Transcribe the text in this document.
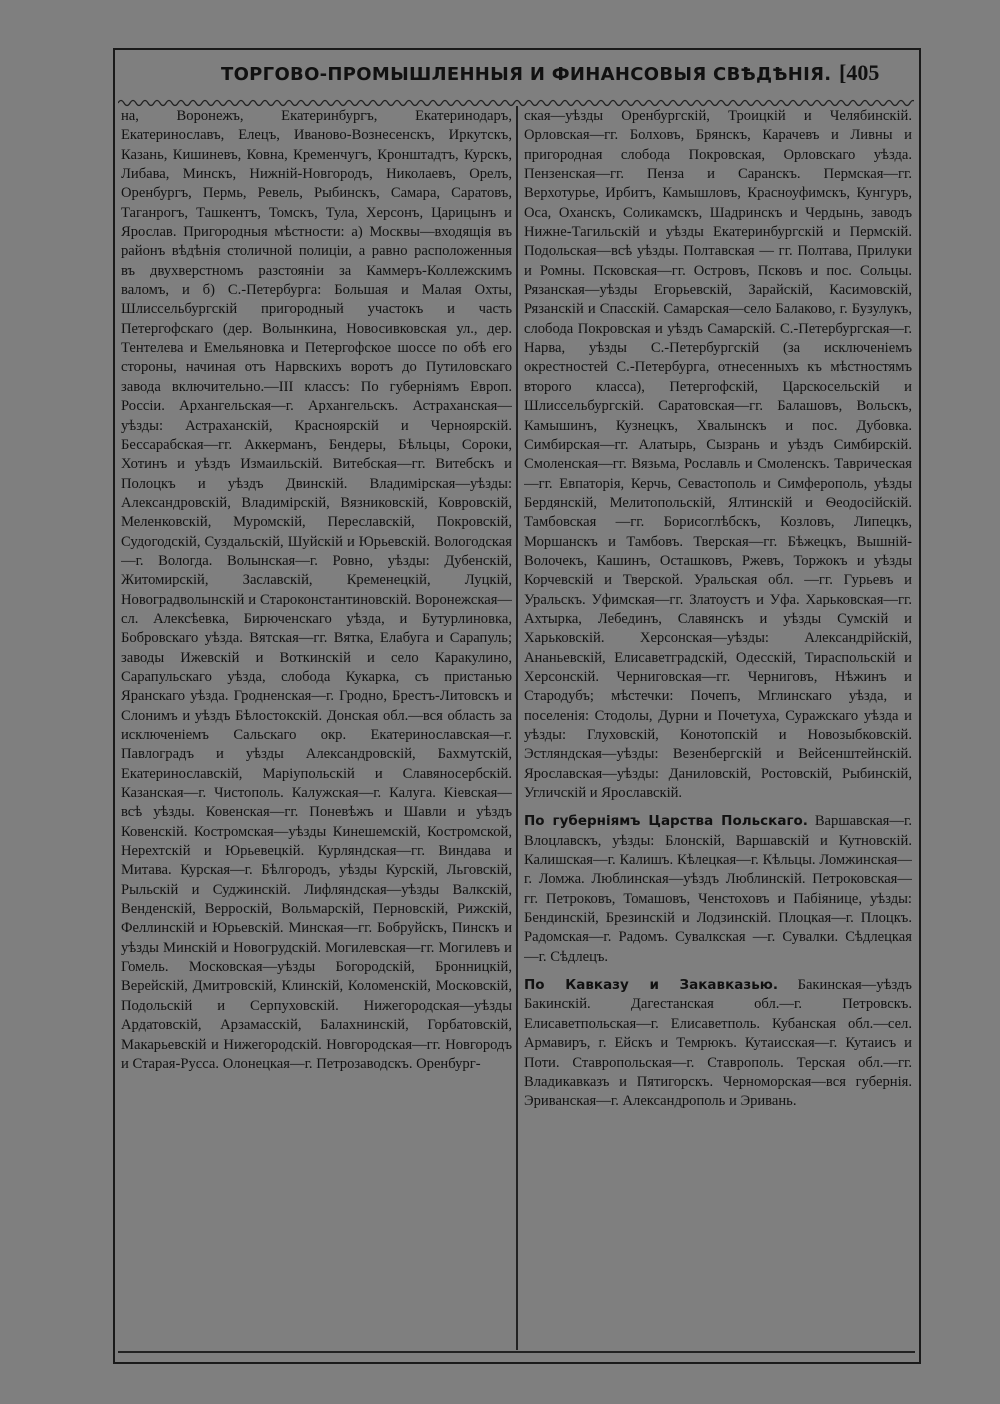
ТОРГОВО-ПРОМЫШЛЕННЫЯ И ФИНАНСОВЫЯ СВѢДѢНІЯ. [405

на, Воронежъ, Екатеринбургъ, Екатеринодаръ, Екатеринославъ, Елецъ, Иваново-Вознесенскъ, Иркутскъ, Казань, Кишиневъ, Ковна, Кременчугъ, Кронштадтъ, Курскъ, Либава, Минскъ, Нижній-Новгородъ, Николаевъ, Орелъ, Оренбургъ, Пермь, Ревель, Рыбинскъ, Самара, Саратовъ, Таганрогъ, Ташкентъ, Томскъ, Тула, Херсонъ, Царицынъ и Ярослав. Пригородныя мѣстности: а) Москвы—входящія въ районъ вѣдѣнія столичной полиціи, а равно расположенныя въ двухверстномъ разстояніи за Каммеръ-Коллежскимъ валомъ, и б) С.-Петербурга: Большая и Малая Охты, Шлиссельбургскій пригородный участокъ и часть Петергофскаго (дер. Волынкина, Новосивковская ул., дер. Тентелева и Емельяновка и Петергофское шоссе по обѣ его стороны, начиная отъ Нарвскихъ воротъ до Путиловскаго завода включительно.—III классъ: По губерніямъ Европ. Россіи. Архангельская—г. Архангельскъ. Астраханская—уѣзды: Астраханскій, Красноярскій и Черноярскій. Бессарабская—гг. Аккерманъ, Бендеры, Бѣльцы, Сороки, Хотинъ и уѣздъ Измаильскій. Витебская—гг. Витебскъ и Полоцкъ и уѣздъ Двинскій. Владимірская—уѣзды: Александровскій, Владимірскій, Вязниковскій, Ковровскій, Меленковскій, Муромскій, Переславскій, Покровскій, Судогодскій, Суздальскій, Шуйскій и Юрьевскій. Вологодская—г. Вологда. Волынская—г. Ровно, уѣзды: Дубенскій, Житомирскій, Заславскій, Кременецкій, Луцкій, Новоградволынскій и Староконстантиновскій. Воронежская—сл. Алексѣевка, Бирюченскаго уѣзда, и Бутурлиновка, Бобровскаго уѣзда. Вятская—гг. Вятка, Елабуга и Сарапуль; заводы Ижевскій и Воткинскій и село Каракулино, Сарапульскаго уѣзда, слобода Кукарка, съ пристанью Яранскаго уѣзда. Гродненская—г. Гродно, Брестъ-Литовскъ и Слонимъ и уѣздъ Бѣлостокскій. Донская обл.—вся область за исключеніемъ Сальскаго окр. Екатеринославская—г. Павлоградъ и уѣзды Александровскій, Бахмутскій, Екатеринославскій, Маріупольскій и Славяносербскій. Казанская—г. Чистополь. Калужская—г. Калуга. Кіевская—всѣ уѣзды. Ковенская—гг. Поневѣжъ и Шавли и уѣздъ Ковенскій. Костромская—уѣзды Кинешемскій, Костромской, Нерехтскій и Юрьевецкій. Курляндская—гг. Виндава и Митава. Курская—г. Бѣлгородъ, уѣзды Курскій, Льговскій, Рыльскій и Суджинскій. Лифляндская—уѣзды Валкскій, Венденскій, Верроскій, Вольмарскій, Перновскій, Рижскій, Феллинскій и Юрьевскій. Минская—гг. Бобруйскъ, Пинскъ и уѣзды Минскій и Новогрудскій. Могилевская—гг. Могилевъ и Гомель. Московская—уѣзды Богородскій, Бронницкій, Верейскій, Дмитровскій, Клинскій, Коломенскій, Московскій, Подольскій и Серпуховскій. Нижегородская—уѣзды Ардатовскій, Арзамасскій, Балахнинскій, Горбатовскій, Макарьевскій и Нижегородскій. Новгородская—гг. Новгородъ и Старая-Русса. Олонецкая—г. Петрозаводскъ. Оренбург-

ская—уѣзды Оренбургскій, Троицкій и Челябинскій. Орловская—гг. Болховъ, Брянскъ, Карачевъ и Ливны и пригородная слобода Покровская, Орловскаго уѣзда. Пензенская—гг. Пенза и Саранскъ. Пермская—гг. Верхотурье, Ирбитъ, Камышловъ, Красноуфимскъ, Кунгуръ, Оса, Оханскъ, Соликамскъ, Шадринскъ и Чердынь, заводъ Нижне-Тагильскій и уѣзды Екатеринбургскій и Пермскій. Подольская—всѣ уѣзды. Полтавская — гг. Полтава, Прилуки и Ромны. Псковская—гг. Островъ, Псковъ и пос. Сольцы. Рязанская—уѣзды Егорьевскій, Зарайскій, Касимовскій, Рязанскій и Спасскій. Самарская—село Балаково, г. Бузулукъ, слобода Покровская и уѣздъ Самарскій. С.-Петербургская—г. Нарва, уѣзды С.-Петербургскій (за исключеніемъ окрестностей С.-Петербурга, отнесенныхъ къ мѣстностямъ второго класса), Петергофскій, Царскосельскій и Шлиссельбургскій. Саратовская—гг. Балашовъ, Вольскъ, Камышинъ, Кузнецкъ, Хвалынскъ и пос. Дубовка. Симбирская—гг. Алатырь, Сызрань и уѣздъ Симбирскій. Смоленская—гг. Вязьма, Рославль и Смоленскъ. Таврическая—гг. Евпаторія, Керчь, Севастополь и Симферополь, уѣзды Бердянскій, Мелитопольскій, Ялтинскій и Ѳеодосійскій. Тамбовская —гг. Борисоглѣбскъ, Козловъ, Липецкъ, Моршанскъ и Тамбовъ. Тверская—гг. Бѣжецкъ, Вышній-Волочекъ, Кашинъ, Осташковъ, Ржевъ, Торжокъ и уѣзды Корчевскій и Тверской. Уральская обл. —гг. Гурьевъ и Уральскъ. Уфимская—гг. Златоустъ и Уфа. Харьковская—гг. Ахтырка, Лебединъ, Славянскъ и уѣзды Сумскій и Харьковскій. Херсонская—уѣзды: Александрійскій, Ананьевскій, Елисаветградскій, Одесскій, Тираспольскій и Херсонскій. Черниговская—гг. Черниговъ, Нѣжинъ и Стародубъ; мѣстечки: Почепъ, Мглинскаго уѣзда, и поселенія: Стодолы, Дурни и Почетуха, Суражскаго уѣзда и уѣзды: Глуховскій, Конотопскій и Новозыбковскій. Эстляндская—уѣзды: Везенбергскій и Вейсенштейнскій. Ярославская—уѣзды: Даниловскій, Ростовскій, Рыбинскій, Угличскій и Ярославскій.

По губерніямъ Царства Польскаго. Варшавская—г. Влоцлавскъ, уѣзды: Блонскій, Варшавскій и Кутновскій. Калишская—г. Калишъ. Кѣлецкая—г. Кѣльцы. Ломжинская—г. Ломжа. Люблинская—уѣздъ Люблинскій. Петроковская—гг. Петроковъ, Томашовъ, Ченстоховъ и Пабіяницe, уѣзды: Бендинскій, Брезинскій и Лодзинскій. Плоцкая—г. Плоцкъ. Радомская—г. Радомъ. Сувалкская —г. Сувалки. Сѣдлецкая —г. Сѣдлецъ.

По Кавказу и Закавказью. Бакинская—уѣздъ Бакинскій. Дагестанская обл.—г. Петровскъ. Елисаветпольская—г. Елисаветполь. Кубанская обл.—сел. Армавиръ, г. Ейскъ и Темрюкъ. Кутаисская—г. Кутаисъ и Поти. Ставропольская—г. Ставрополь. Терская обл.—гг. Владикавказъ и Пятигорскъ. Черноморская—вся губернія. Эриванская—г. Александрополь и Эривань.
